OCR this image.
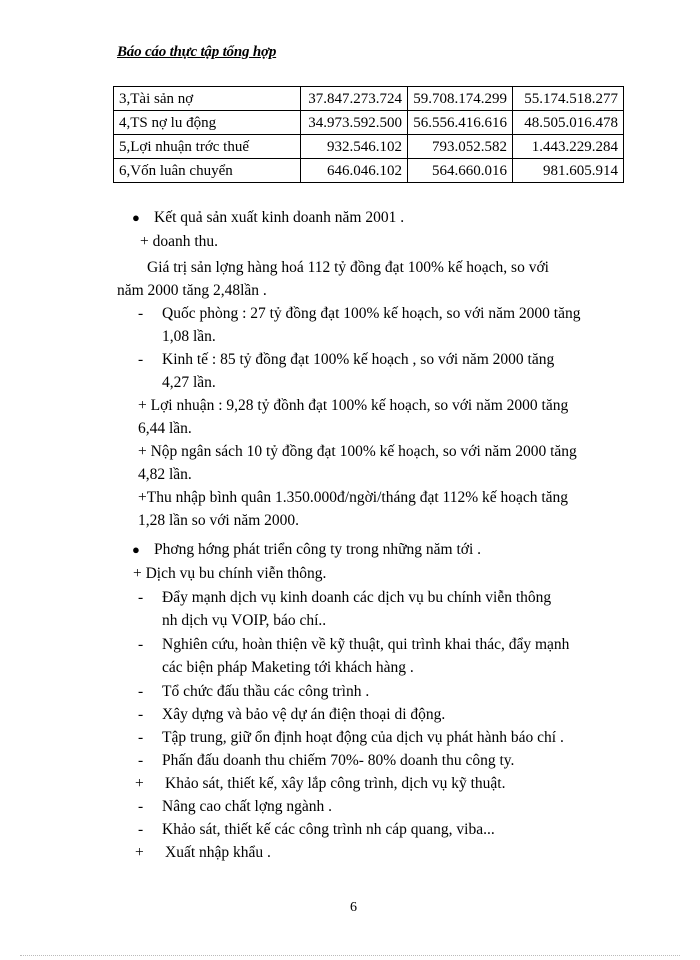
Báo cáo thực tập tổng hợp
3,Tài sản nợ	37.847.273.724	59.708.174.299	55.174.518.277
4,TS nợ lu động	34.973.592.500	56.556.416.616	48.505.016.478
5,Lợi nhuận trớc thuế	932.546.102	793.052.582	1.443.229.284
6,Vốn luân chuyển	646.046.102	564.660.016	981.605.914
● Kết quả sản xuất kinh doanh năm 2001 .
+ doanh thu.
Giá trị sản lợng hàng hoá 112 tỷ đồng đạt 100% kế hoạch, so với
năm 2000 tăng 2,48lần .
- Quốc phòng : 27 tỷ đồng đạt 100% kế hoạch, so với năm 2000 tăng
1,08 lần.
- Kinh tế : 85 tỷ đồng đạt 100% kế hoạch , so với năm 2000 tăng
4,27 lần.
+ Lợi nhuận : 9,28 tỷ đồnh đạt 100% kế hoạch, so với năm 2000 tăng
6,44 lần.
+ Nộp ngân sách 10 tỷ đồng đạt 100% kế hoạch, so với năm 2000 tăng
4,82 lần.
+Thu nhập bình quân 1.350.000đ/ngời/tháng đạt 112% kế hoạch tăng
1,28 lần so với năm 2000.
● Phơng hớng phát triển công ty trong những năm tới .
+ Dịch vụ bu chính viễn thông.
- Đẩy mạnh dịch vụ kinh doanh các dịch vụ bu chính viễn thông
nh dịch vụ VOIP, báo chí..
- Nghiên cứu, hoàn thiện về kỹ thuật, qui trình khai thác, đẩy mạnh
các biện pháp Maketing tới khách hàng .
- Tổ chức đấu thầu các công trình .
- Xây dựng và bảo vệ dự án điện thoại di động.
- Tập trung, giữ ổn định hoạt động của dịch vụ phát hành báo chí .
- Phấn đấu doanh thu chiếm 70%- 80% doanh thu công ty.
+ Khảo sát, thiết kế, xây lắp công trình, dịch vụ kỹ thuật.
- Nâng cao chất lợng ngành .
- Khảo sát, thiết kế các công trình nh cáp quang, viba...
+ Xuất nhập khẩu .
6
